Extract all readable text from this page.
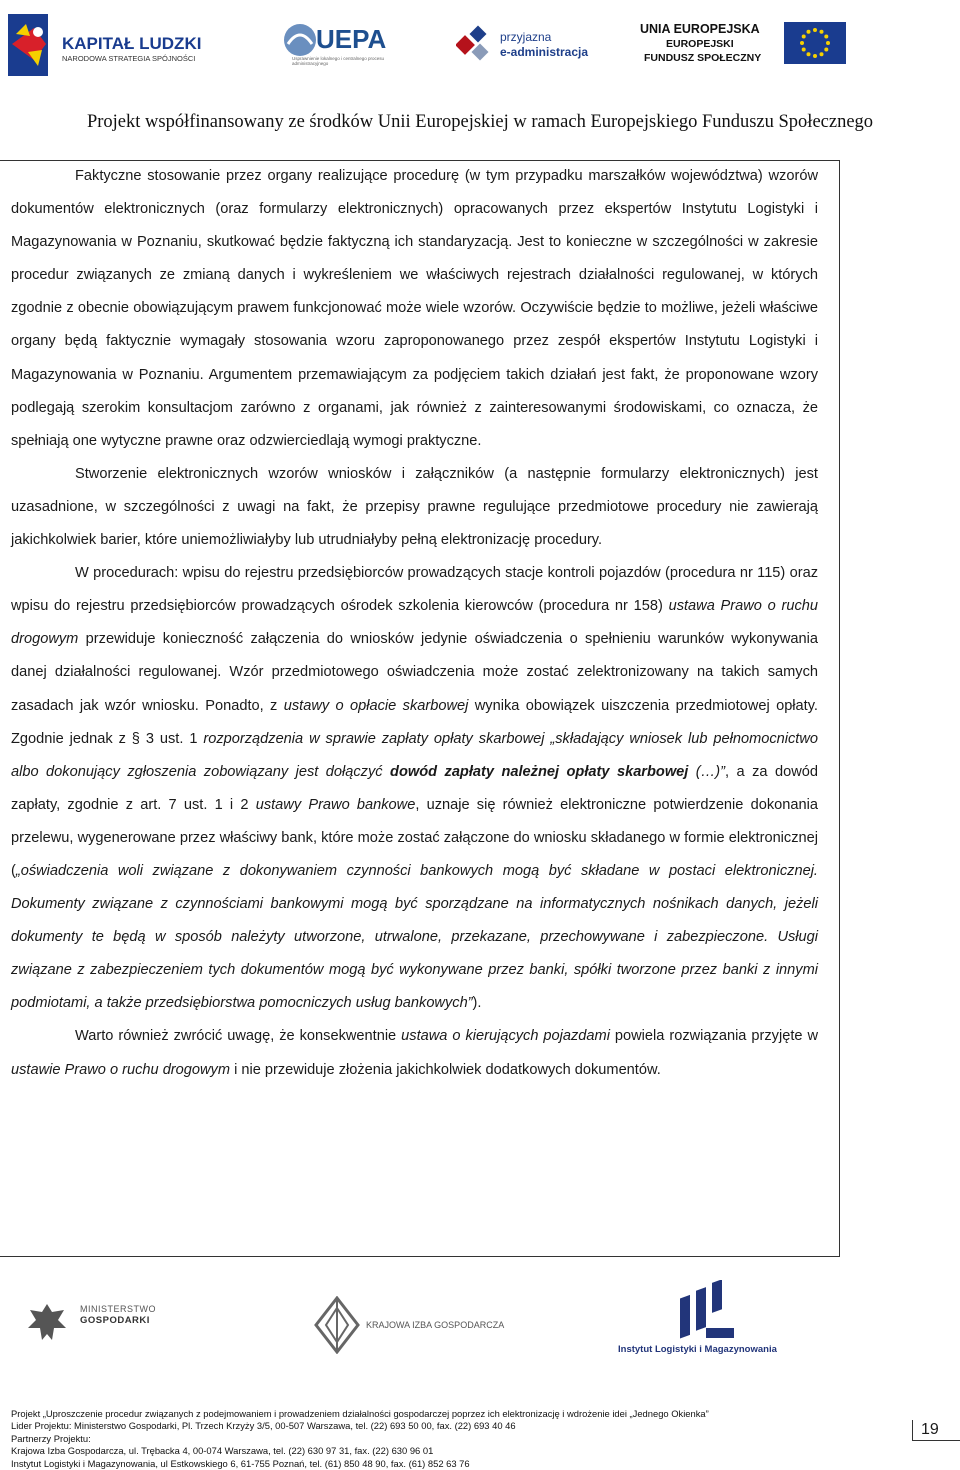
KAPITAŁ LUDZKI
NARODOWA STRATEGIA SPÓJNOŚCI
UEPA
Usprawnienie lokalnego i centralnego procesu administracyjnego
przyjazna
e-administracja
UNIA EUROPEJSKA
EUROPEJSKI
FUNDUSZ SPOŁECZNY
Projekt współfinansowany ze środków Unii Europejskiej w ramach Europejskiego Funduszu Społecznego

Faktyczne stosowanie przez organy realizujące procedurę (w tym przypadku marszałków województwa) wzorów dokumentów elektronicznych (oraz formularzy elektronicznych) opracowanych przez ekspertów Instytutu Logistyki i Magazynowania w Poznaniu, skutkować będzie faktyczną ich standaryzacją. Jest to konieczne w szczególności w zakresie procedur związanych ze zmianą danych i wykreśleniem we właściwych rejestrach działalności regulowanej, w których zgodnie z obecnie obowiązującym prawem funkcjonować może wiele wzorów. Oczywiście będzie to możliwe, jeżeli właściwe organy będą faktycznie wymagały stosowania wzoru zaproponowanego przez zespół ekspertów Instytutu Logistyki i Magazynowania w Poznaniu. Argumentem przemawiającym za podjęciem takich działań jest fakt, że proponowane wzory podlegają szerokim konsultacjom zarówno z organami, jak również z zainteresowanymi środowiskami, co oznacza, że spełniają one wytyczne prawne oraz odzwierciedlają wymogi praktyczne.

Stworzenie elektronicznych wzorów wniosków i załączników (a następnie formularzy elektronicznych) jest uzasadnione, w szczególności z uwagi na fakt, że przepisy prawne regulujące przedmiotowe procedury nie zawierają jakichkolwiek barier, które uniemożliwiałyby lub utrudniałyby pełną elektronizację procedury.

W procedurach: wpisu do rejestru przedsiębiorców prowadzących stacje kontroli pojazdów (procedura nr 115) oraz wpisu do rejestru przedsiębiorców prowadzących ośrodek szkolenia kierowców (procedura nr 158) ustawa Prawo o ruchu drogowym przewiduje konieczność załączenia do wniosków jedynie oświadczenia o spełnieniu warunków wykonywania danej działalności regulowanej. Wzór przedmiotowego oświadczenia może zostać zelektronizowany na takich samych zasadach jak wzór wniosku. Ponadto, z ustawy o opłacie skarbowej wynika obowiązek uiszczenia przedmiotowej opłaty. Zgodnie jednak z § 3 ust. 1 rozporządzenia w sprawie zapłaty opłaty skarbowej „składający wniosek lub pełnomocnictwo albo dokonujący zgłoszenia zobowiązany jest dołączyć dowód zapłaty należnej opłaty skarbowej (…)”, a za dowód zapłaty, zgodnie z art. 7 ust. 1 i 2 ustawy Prawo bankowe, uznaje się również elektroniczne potwierdzenie dokonania przelewu, wygenerowane przez właściwy bank, które może zostać załączone do wniosku składanego w formie elektronicznej („oświadczenia woli związane z dokonywaniem czynności bankowych mogą być składane w postaci elektronicznej. Dokumenty związane z czynnościami bankowymi mogą być sporządzane na informatycznych nośnikach danych, jeżeli dokumenty te będą w sposób należyty utworzone, utrwalone, przekazane, przechowywane i zabezpieczone. Usługi związane z zabezpieczeniem tych dokumentów mogą być wykonywane przez banki, spółki tworzone przez banki z innymi podmiotami, a także przedsiębiorstwa pomocniczych usług bankowych”).

Warto również zwrócić uwagę, że konsekwentnie ustawa o kierujących pojazdami powiela rozwiązania przyjęte w ustawie Prawo o ruchu drogowym i nie przewiduje złożenia jakichkolwiek dodatkowych dokumentów.

MINISTERSTWO
GOSPODARKI	KRAJOWA IZBA GOSPODARCZA
Instytut Logistyki i Magazynowania
Projekt „Uproszczenie procedur związanych z podejmowaniem i prowadzeniem działalności gospodarczej poprzez ich elektronizację i wdrożenie idei „Jednego Okienka”
Lider Projektu: Ministerstwo Gospodarki, Pl. Trzech Krzyży 3/5, 00-507 Warszawa, tel. (22) 693 50 00, fax. (22) 693 40 46
Partnerzy Projektu:
Krajowa Izba Gospodarcza, ul. Trębacka 4, 00-074 Warszawa, tel. (22) 630 97 31, fax. (22) 630 96 01
Instytut Logistyki i Magazynowania, ul Estkowskiego 6, 61-755 Poznań, tel. (61) 850 48 90, fax. (61) 852 63 76
19
